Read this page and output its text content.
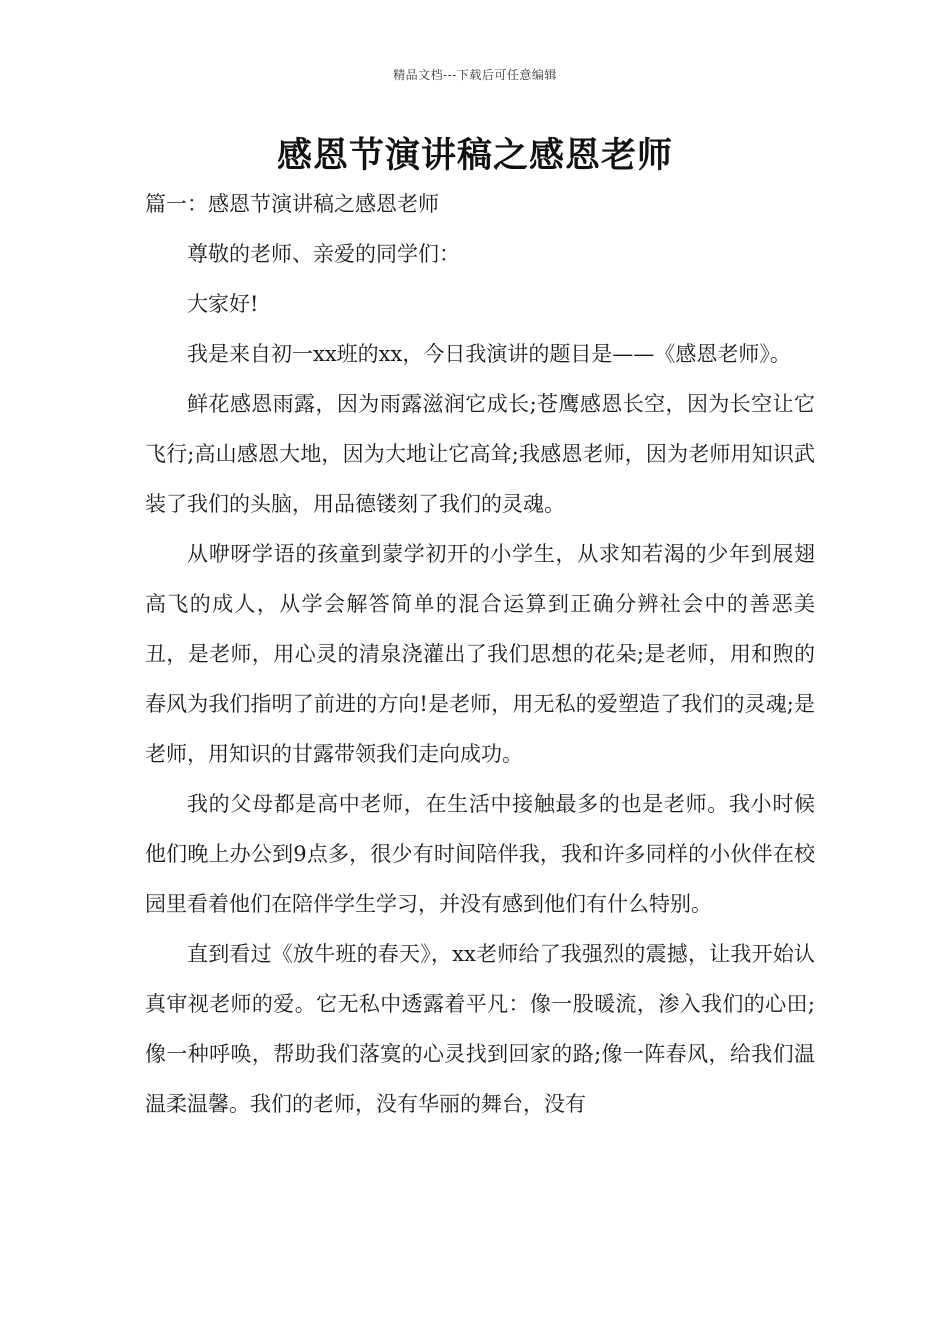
精品文档---下载后可任意编辑
感恩节演讲稿之感恩老师

篇一：感恩节演讲稿之感恩老师

尊敬的老师、亲爱的同学们：

大家好!

我是来自初一xx班的xx，今日我演讲的题目是——《感恩老师》。

鲜花感恩雨露，因为雨露滋润它成长;苍鹰感恩长空，因为长空让它飞行;高山感恩大地，因为大地让它高耸;我感恩老师，因为老师用知识武装了我们的头脑，用品德镂刻了我们的灵魂。

从咿呀学语的孩童到蒙学初开的小学生，从求知若渴的少年到展翅高飞的成人，从学会解答简单的混合运算到正确分辨社会中的善恶美丑，是老师，用心灵的清泉浇灌出了我们思想的花朵;是老师，用和煦的春风为我们指明了前进的方向!是老师，用无私的爱塑造了我们的灵魂;是老师，用知识的甘露带领我们走向成功。

我的父母都是高中老师，在生活中接触最多的也是老师。我小时候他们晚上办公到9点多，很少有时间陪伴我，我和许多同样的小伙伴在校园里看着他们在陪伴学生学习，并没有感到他们有什么特别。

直到看过《放牛班的春天》，xx老师给了我强烈的震撼，让我开始认真审视老师的爱。它无私中透露着平凡：像一股暖流，渗入我们的心田;像一种呼唤，帮助我们落寞的心灵找到回家的路;像一阵春风，给我们温温柔温馨。我们的老师，没有华丽的舞台，没有
